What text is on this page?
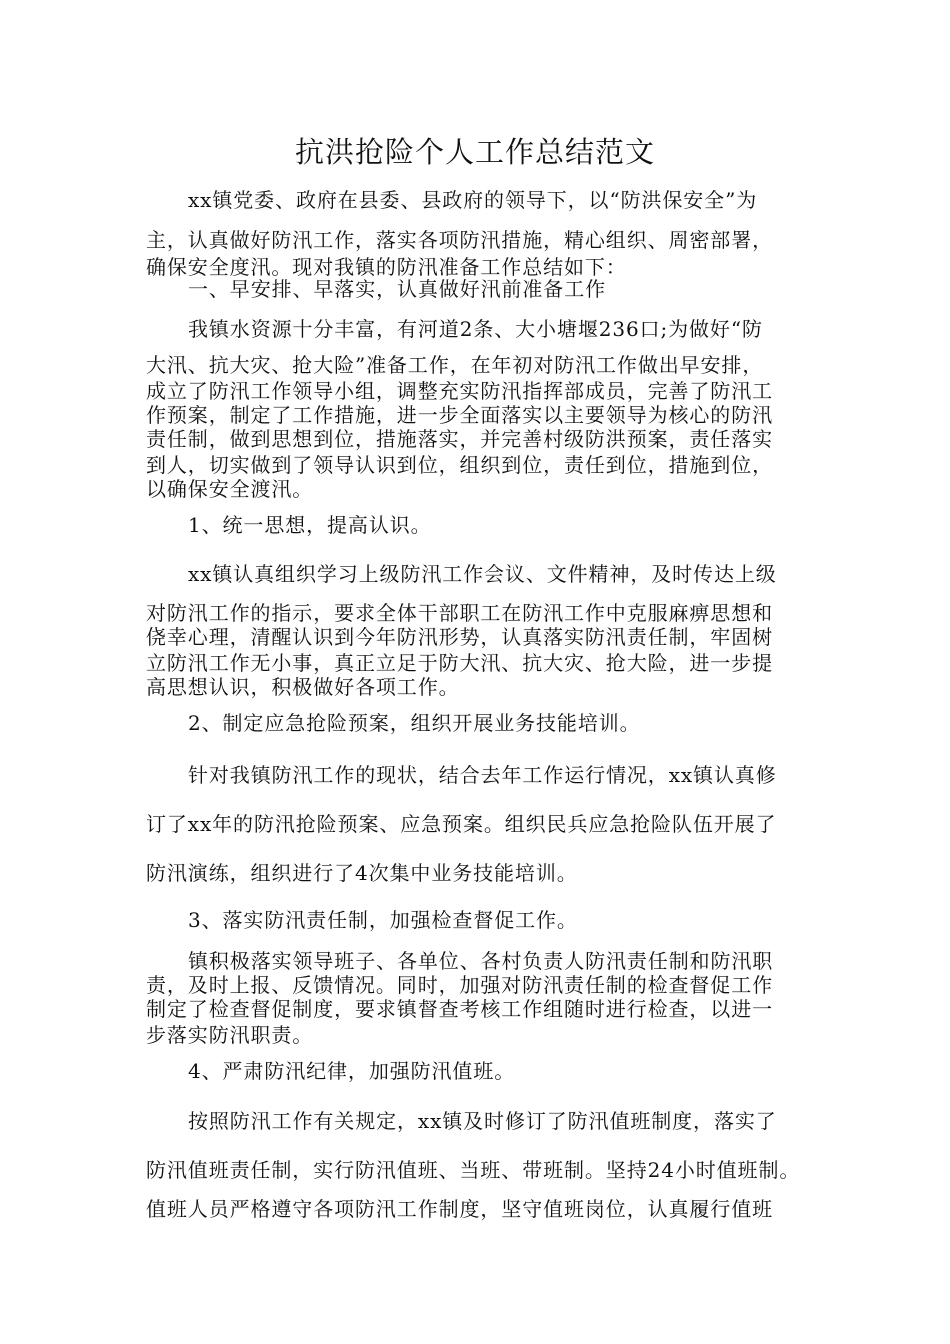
抗洪抢险个人工作总结范文
xx镇党委、政府在县委、县政府的领导下，以“防洪保安全”为
主，认真做好防汛工作，落实各项防汛措施，精心组织、周密部署，
确保安全度汛。现对我镇的防汛准备工作总结如下：
一、早安排、早落实，认真做好汛前准备工作
我镇水资源十分丰富，有河道2条、大小塘堰236口;为做好“防
大汛、抗大灾、抢大险”准备工作，在年初对防汛工作做出早安排，
成立了防汛工作领导小组，调整充实防汛指挥部成员，完善了防汛工
作预案，制定了工作措施，进一步全面落实以主要领导为核心的防汛
责任制，做到思想到位，措施落实，并完善村级防洪预案，责任落实
到人，切实做到了领导认识到位，组织到位，责任到位，措施到位，
以确保安全渡汛。
1、统一思想，提高认识。
xx镇认真组织学习上级防汛工作会议、文件精神，及时传达上级
对防汛工作的指示，要求全体干部职工在防汛工作中克服麻痹思想和
侥幸心理，清醒认识到今年防汛形势，认真落实防汛责任制，牢固树
立防汛工作无小事，真正立足于防大汛、抗大灾、抢大险，进一步提
高思想认识，积极做好各项工作。
2、制定应急抢险预案，组织开展业务技能培训。
针对我镇防汛工作的现状，结合去年工作运行情况，xx镇认真修
订了xx年的防汛抢险预案、应急预案。组织民兵应急抢险队伍开展了
防汛演练，组织进行了4次集中业务技能培训。
3、落实防汛责任制，加强检查督促工作。
镇积极落实领导班子、各单位、各村负责人防汛责任制和防汛职
责，及时上报、反馈情况。同时，加强对防汛责任制的检查督促工作
制定了检查督促制度，要求镇督查考核工作组随时进行检查，以进一
步落实防汛职责。
4、严肃防汛纪律，加强防汛值班。
按照防汛工作有关规定，xx镇及时修订了防汛值班制度，落实了
防汛值班责任制，实行防汛值班、当班、带班制。坚持24小时值班制。
值班人员严格遵守各项防汛工作制度，坚守值班岗位，认真履行值班
